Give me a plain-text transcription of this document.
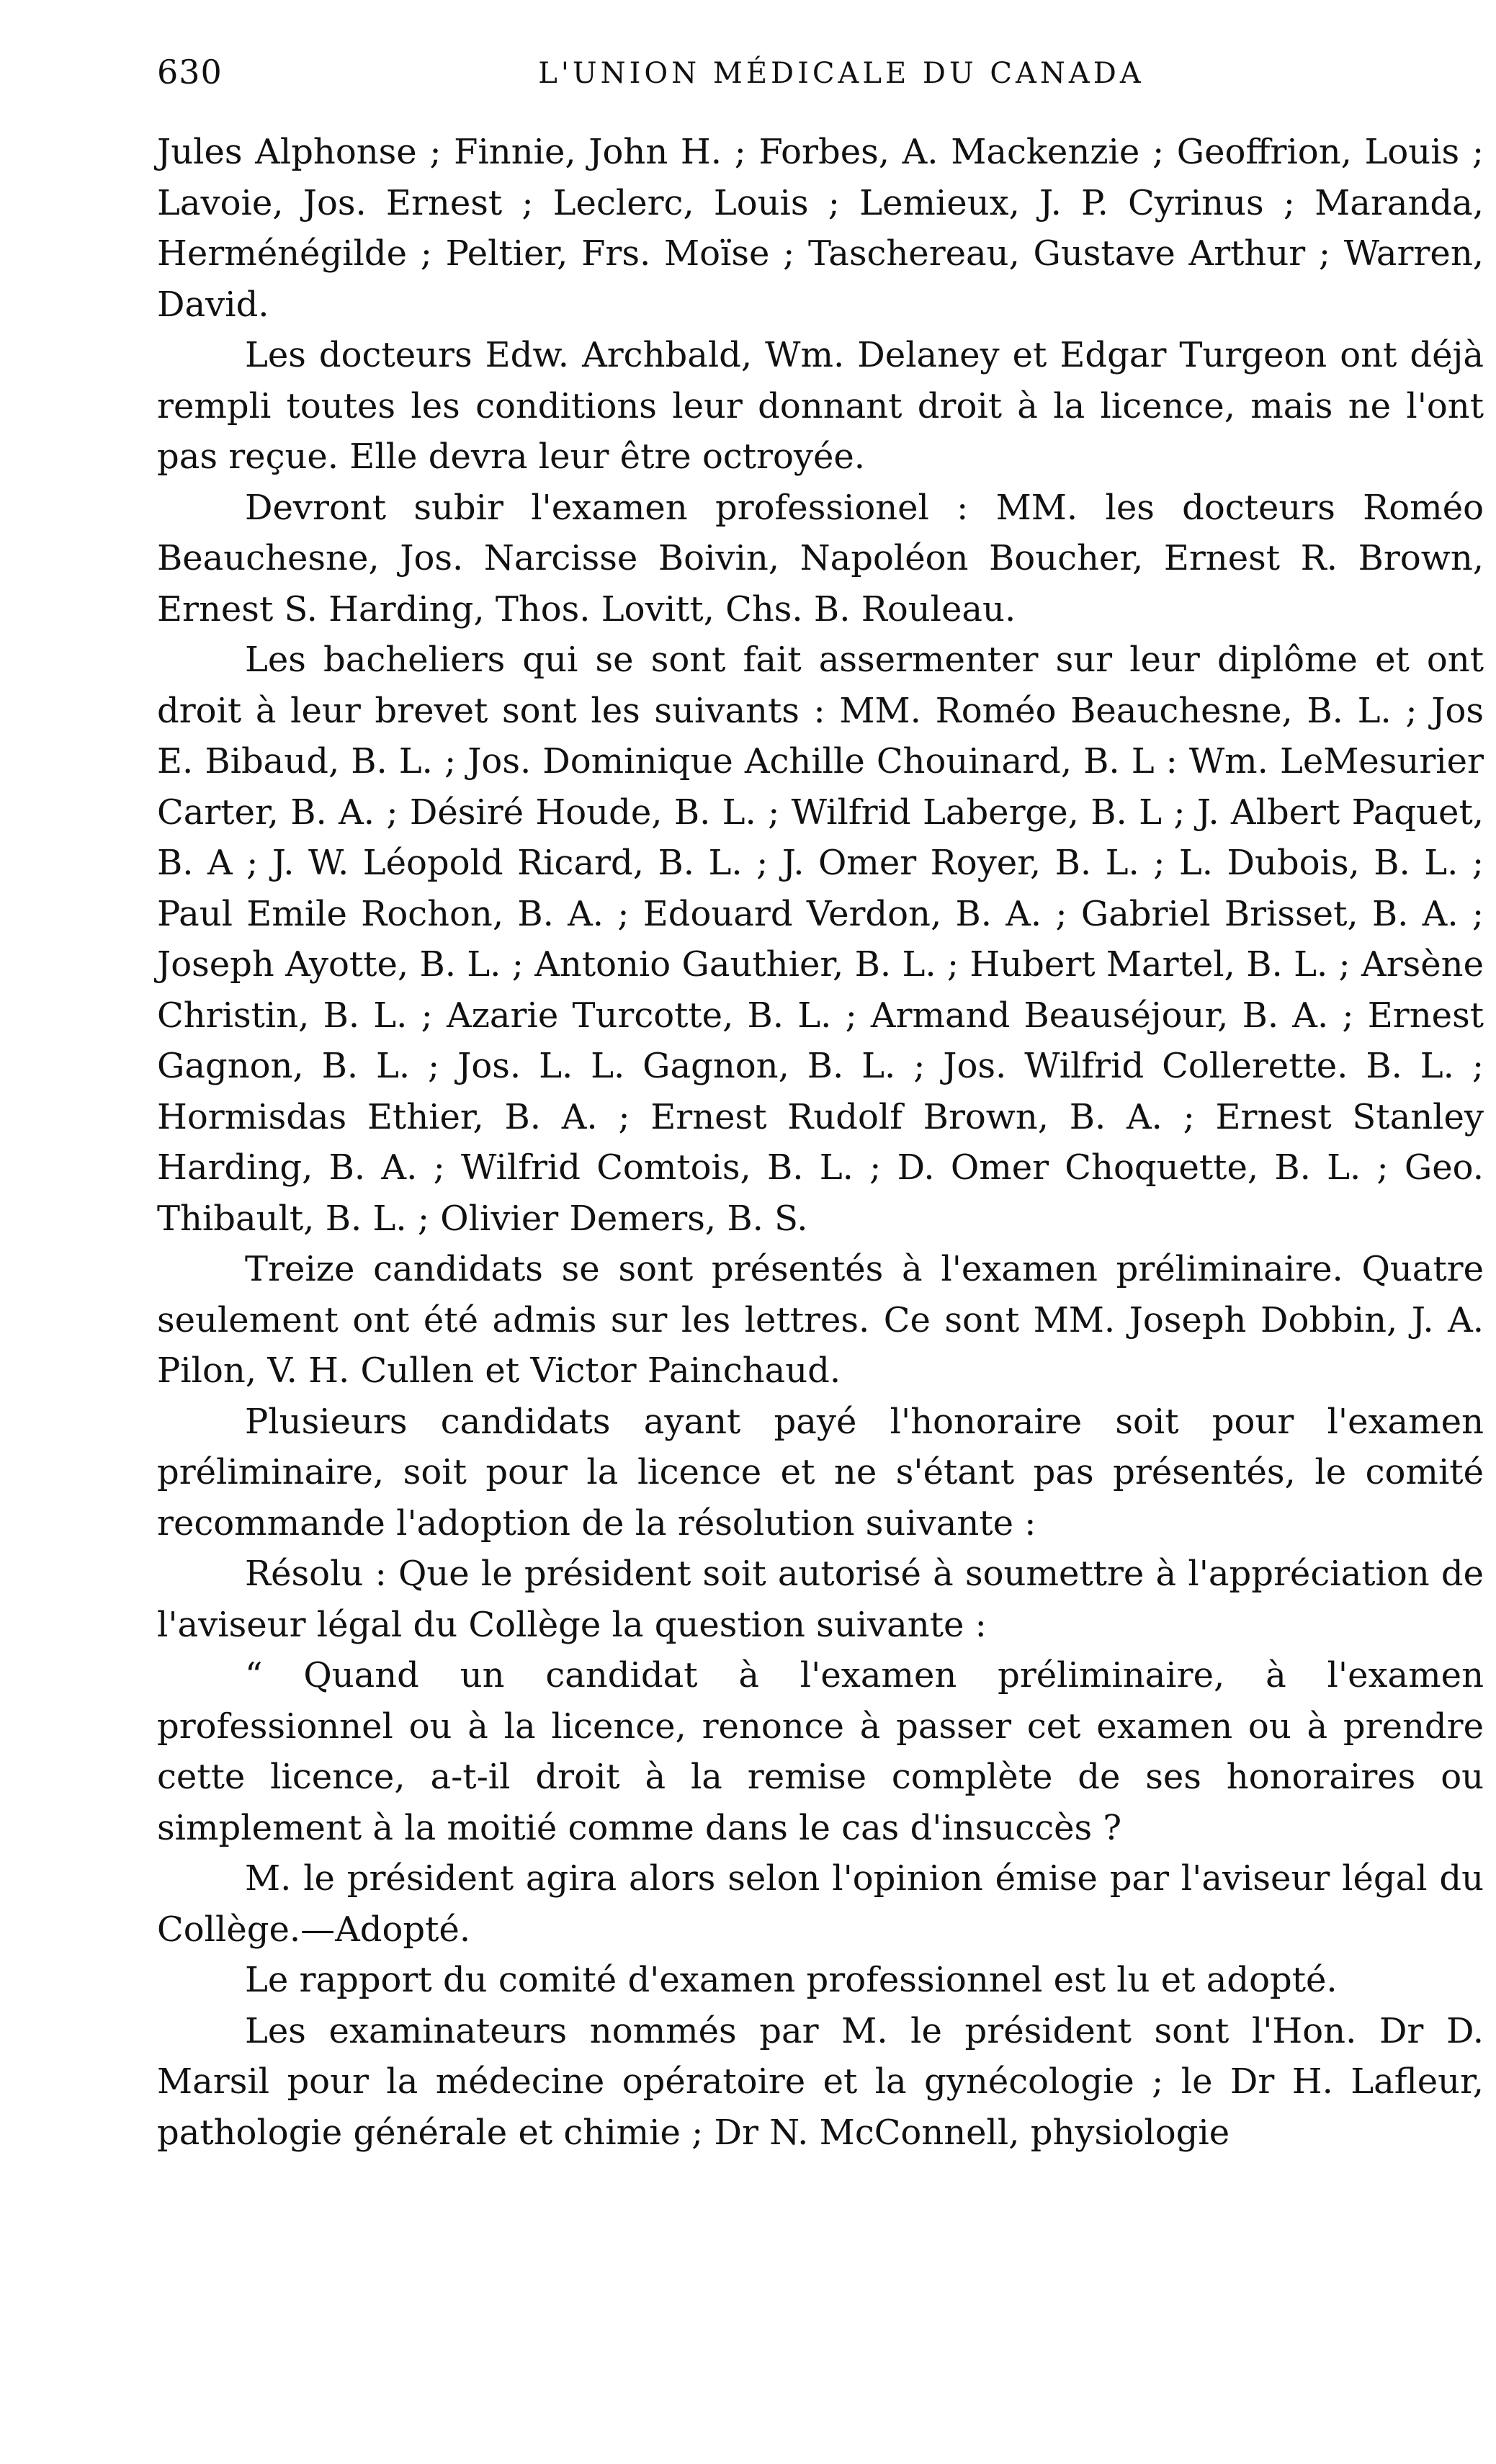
630	L'UNION MÉDICALE DU CANADA

Jules Alphonse ; Finnie, John H. ; Forbes, A. Mackenzie ; Geoffrion, Louis ; Lavoie, Jos. Ernest ; Leclerc, Louis ; Lemieux, J. P. Cyrinus ; Maranda, Herménégilde ; Peltier, Frs. Moïse ; Taschereau, Gustave Arthur ; Warren, David.

Les docteurs Edw. Archbald, Wm. Delaney et Edgar Turgeon ont déjà rempli toutes les conditions leur donnant droit à la licence, mais ne l'ont pas reçue. Elle devra leur être octroyée.

Devront subir l'examen professionel : MM. les docteurs Roméo Beauchesne, Jos. Narcisse Boivin, Napoléon Boucher, Ernest R. Brown, Ernest S. Harding, Thos. Lovitt, Chs. B. Rouleau.

Les bacheliers qui se sont fait assermenter sur leur diplôme et ont droit à leur brevet sont les suivants : MM. Roméo Beauchesne, B. L. ; Jos E. Bibaud, B. L. ; Jos. Dominique Achille Chouinard, B. L : Wm. LeMesurier Carter, B. A. ; Désiré Houde, B. L. ; Wilfrid Laberge, B. L ; J. Albert Paquet, B. A ; J. W. Léopold Ricard, B. L. ; J. Omer Royer, B. L. ; L. Dubois, B. L. ; Paul Emile Rochon, B. A. ; Edouard Verdon, B. A. ; Gabriel Brisset, B. A. ; Joseph Ayotte, B. L. ; Antonio Gauthier, B. L. ; Hubert Martel, B. L. ; Arsène Christin, B. L. ; Azarie Turcotte, B. L. ; Armand Beauséjour, B. A. ; Ernest Gagnon, B. L. ; Jos. L. L. Gagnon, B. L. ; Jos. Wilfrid Collerette. B. L. ; Hormisdas Ethier, B. A. ; Ernest Rudolf Brown, B. A. ; Ernest Stanley Harding, B. A. ; Wilfrid Comtois, B. L. ; D. Omer Choquette, B. L. ; Geo. Thibault, B. L. ; Olivier Demers, B. S.

Treize candidats se sont présentés à l'examen préliminaire. Quatre seulement ont été admis sur les lettres. Ce sont MM. Joseph Dobbin, J. A. Pilon, V. H. Cullen et Victor Painchaud.

Plusieurs candidats ayant payé l'honoraire soit pour l'examen préliminaire, soit pour la licence et ne s'étant pas présentés, le comité recommande l'adoption de la résolution suivante :

Résolu : Que le président soit autorisé à soumettre à l'appréciation de l'aviseur légal du Collège la question suivante :

“ Quand un candidat à l'examen préliminaire, à l'examen professionnel ou à la licence, renonce à passer cet examen ou à prendre cette licence, a-t-il droit à la remise complète de ses honoraires ou simplement à la moitié comme dans le cas d'insuccès ?

M. le président agira alors selon l'opinion émise par l'aviseur légal du Collège.—Adopté.

Le rapport du comité d'examen professionnel est lu et adopté.

Les examinateurs nommés par M. le président sont l'Hon. Dr D. Marsil pour la médecine opératoire et la gynécologie ; le Dr H. Lafleur, pathologie générale et chimie ; Dr N. McConnell, physiologie
